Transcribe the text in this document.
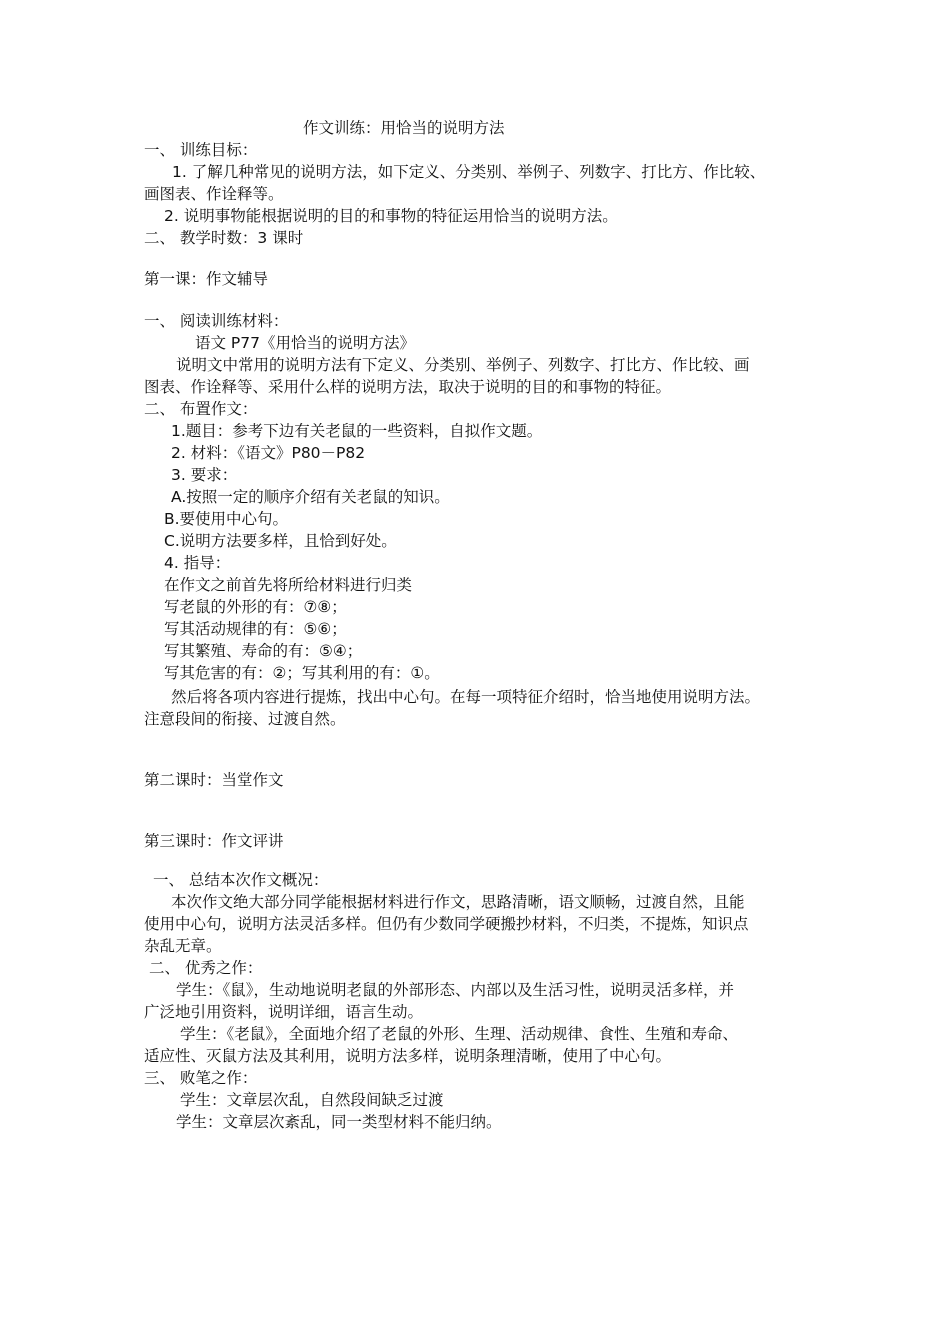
作文训练：用恰当的说明方法
一、 训练目标：
1. 了解几种常见的说明方法，如下定义、分类别、举例子、列数字、打比方、作比较、
画图表、作诠释等。
2. 说明事物能根据说明的目的和事物的特征运用恰当的说明方法。
二、 教学时数：3 课时
第一课：作文辅导
一、 阅读训练材料：
语文 P77《用恰当的说明方法》
说明文中常用的说明方法有下定义、分类别、举例子、列数字、打比方、作比较、画
图表、作诠释等、采用什么样的说明方法，取决于说明的目的和事物的特征。
二、 布置作文：
1.题目：参考下边有关老鼠的一些资料，自拟作文题。
2. 材料：《语文》P80－P82
3. 要求：
A.按照一定的顺序介绍有关老鼠的知识。
B.要使用中心句。
C.说明方法要多样，且恰到好处。
4. 指导：
在作文之前首先将所给材料进行归类
写老鼠的外形的有：⑦⑧；
写其活动规律的有：⑤⑥；
写其繁殖、寿命的有：⑤④；
写其危害的有：②；写其利用的有：①。
然后将各项内容进行提炼，找出中心句。在每一项特征介绍时，恰当地使用说明方法。
注意段间的衔接、过渡自然。
第二课时：当堂作文
第三课时：作文评讲
一、 总结本次作文概况：
本次作文绝大部分同学能根据材料进行作文，思路清晰，语文顺畅，过渡自然，且能
使用中心句，说明方法灵活多样。但仍有少数同学硬搬抄材料，不归类，不提炼，知识点
杂乱无章。
二、 优秀之作：
学生：《鼠》，生动地说明老鼠的外部形态、内部以及生活习性，说明灵活多样，并
广泛地引用资料，说明详细，语言生动。
学生：《老鼠》，全面地介绍了老鼠的外形、生理、活动规律、食性、生殖和寿命、
适应性、灭鼠方法及其利用，说明方法多样，说明条理清晰，使用了中心句。
三、 败笔之作：
学生：文章层次乱，自然段间缺乏过渡
学生：文章层次紊乱，同一类型材料不能归纳。
